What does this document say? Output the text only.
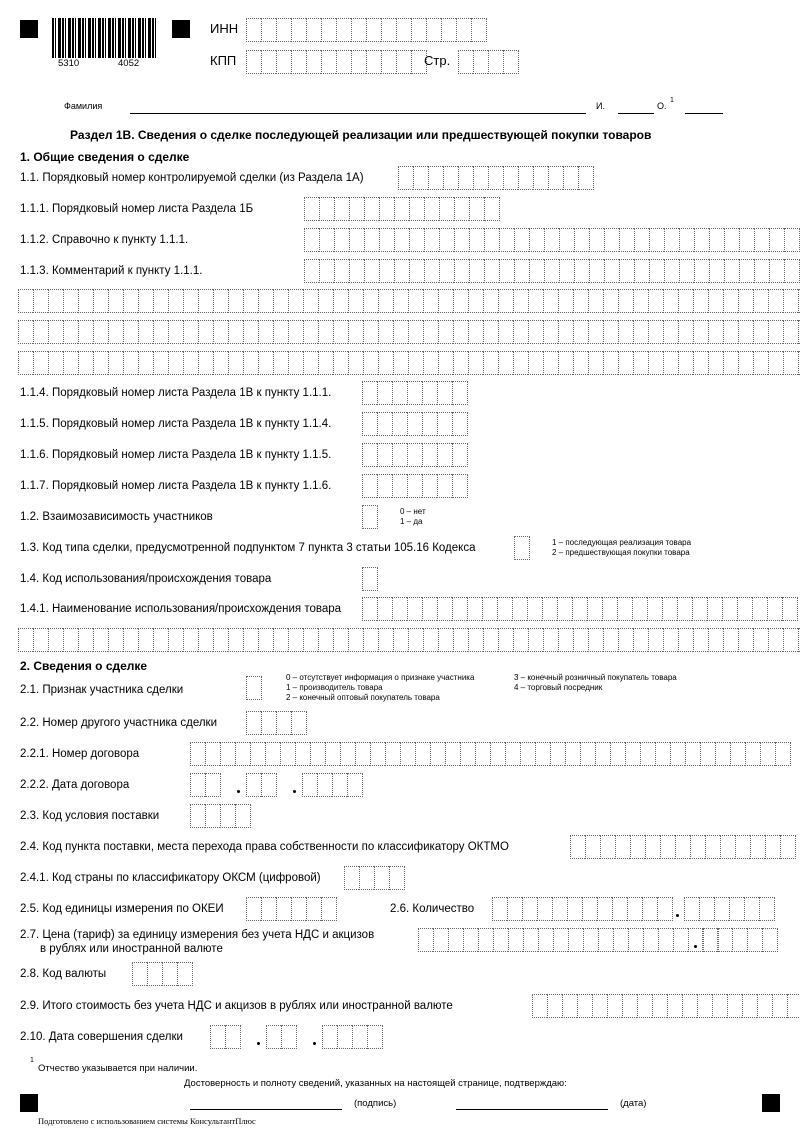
5310	4052
ИНН
КПП	Стр.
Фамилия	И.	О.
1
Раздел 1В. Сведения о сделке последующей реализации или предшествующей покупки товаров
1. Общие сведения о сделке
1.1. Порядковый номер контролируемой сделки (из Раздела 1А)
1.1.1. Порядковый номер листа Раздела 1Б
1.1.2. Справочно к пункту 1.1.1.
1.1.3. Комментарий к пункту 1.1.1.
1.1.4. Порядковый номер листа Раздела 1В к пункту 1.1.1.
1.1.5. Порядковый номер листа Раздела 1В к пункту 1.1.4.
1.1.6. Порядковый номер листа Раздела 1В к пункту 1.1.5.
1.1.7. Порядковый номер листа Раздела 1В к пункту 1.1.6.
1.2. Взаимозависимость участников	0 – нет
1 – да
1.3. Код типа сделки, предусмотренной подпунктом 7 пункта 3 статьи 105.16 Кодекса	1 – последующая реализация товара
2 – предшествующая покупки товара
1.4. Код использования/происхождения товара
1.4.1. Наименование использования/происхождения товара
2. Сведения о сделке
2.1. Признак участника сделки
0 – отсутствует информация о признаке участника
1 – производитель товара
2 – конечный оптовый покупатель товара
3 – конечный розничный покупатель товара
4 – торговый посредник
2.2. Номер другого участника сделки
2.2.1. Номер договора
2.2.2. Дата договора
2.3. Код условия поставки
2.4. Код пункта поставки, места перехода права собственности по классификатору ОКТМО
2.4.1. Код страны по классификатору ОКСМ (цифровой)
2.5. Код единицы измерения по ОКЕИ	2.6. Количество
2.7. Цена (тариф) за единицу измерения без учета НДС и акцизов
в рублях или иностранной валюте
2.8. Код валюты
2.9. Итого стоимость без учета НДС и акцизов в рублях или иностранной валюте
2.10. Дата совершения сделки
1
Отчество указывается при наличии.
Достоверность и полноту сведений, указанных на настоящей странице, подтверждаю:
(подпись)	(дата)
Подготовлено с использованием системы КонсультантПлюс
